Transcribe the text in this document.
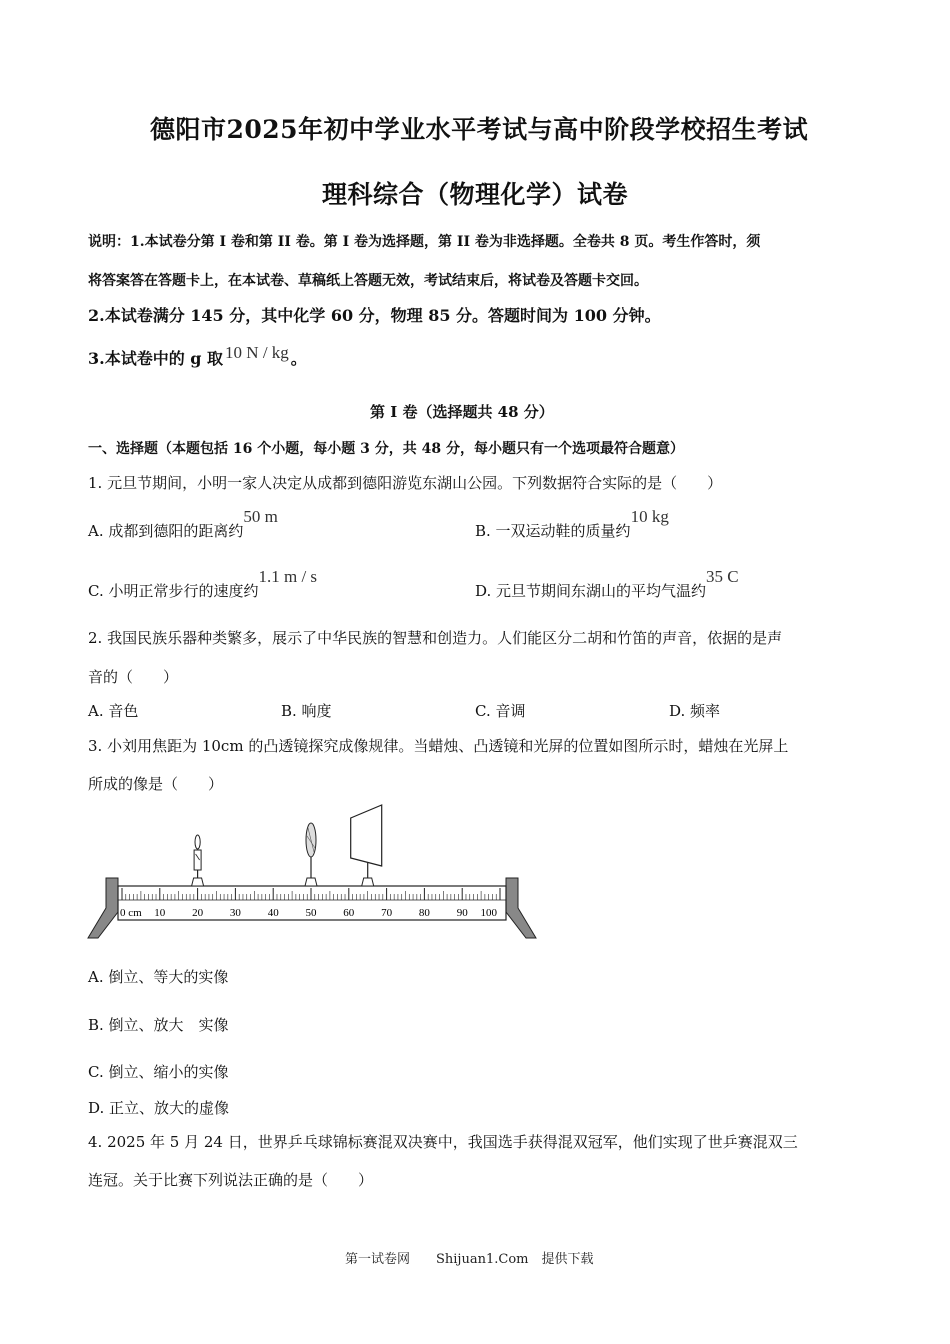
德阳市2025年初中学业水平考试与高中阶段学校招生考试
理科综合（物理化学）试卷
说明：1.本试卷分第 I 卷和第 II 卷。第 I 卷为选择题，第 II 卷为非选择题。全卷共 8 页。考生作答时，须
将答案答在答题卡上，在本试卷、草稿纸上答题无效，考试结束后，将试卷及答题卡交回。
2.本试卷满分 145 分，其中化学 60 分，物理 85 分。答题时间为 100 分钟。
3.本试卷中的 g 取 10 N / kg 。
第 I 卷（选择题共 48 分）
一、选择题（本题包括 16 个小题，每小题 3 分，共 48 分，每小题只有一个选项最符合题意）
1. 元旦节期间，小明一家人决定从成都到德阳游览东湖山公园。下列数据符合实际的是（　　）
A. 成都到德阳的距离约50 m
B. 一双运动鞋的质量约10 kg
C. 小明正常步行的速度约1.1 m / s
D. 元旦节期间东湖山的平均气温约35 C
2. 我国民族乐器种类繁多，展示了中华民族的智慧和创造力。人们能区分二胡和竹笛的声音，依据的是声
音的（　　）
A. 音色	B. 响度	C. 音调	D. 频率
3. 小刘用焦距为 10cm 的凸透镜探究成像规律。当蜡烛、凸透镜和光屏的位置如图所示时，蜡烛在光屏上
所成的像是（　　）
0 cm 10 20 30 40 50 60 70 80 90 100
A. 倒立、等大的实像
B. 倒立、放大　实像
C. 倒立、缩小的实像
D. 正立、放大的虚像
4. 2025 年 5 月 24 日，世界乒乓球锦标赛混双决赛中，我国选手获得混双冠军，他们实现了世乒赛混双三
连冠。关于比赛下列说法正确的是（　　）
第一试卷网　　Shijuan1.Com　提供下载
